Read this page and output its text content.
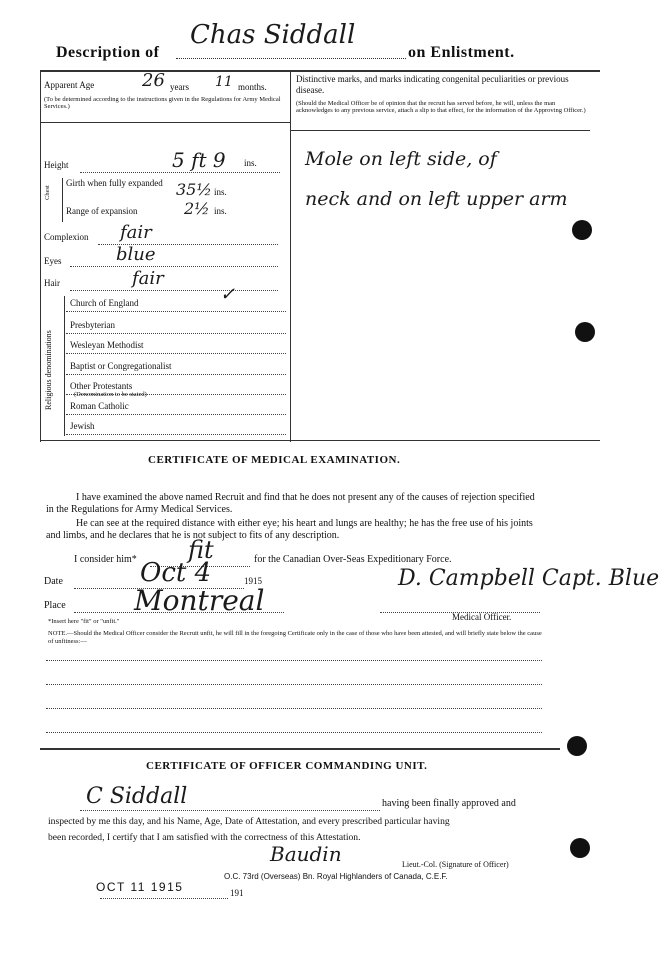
Description of
Chas Siddall
on Enlistment.
Apparent Age	26 years 11 months.
(To be determined according to the instructions given in the Regulations for Army Medical Services.)
Height	5 ft 9 ins.
Chest
Girth when fully expanded 35½ ins.
Range of expansion	2½ ins.
Complexion fair
Eyes	blue
Hair	fair
Religious denominations
Church of England
Presbyterian
Wesleyan Methodist
Baptist or Congregationalist
Other Protestants
(Denomination to be stated)
Roman Catholic
Jewish
✓
Distinctive marks, and marks indicating congenital peculiarities or previous disease.
(Should the Medical Officer be of opinion that the recruit has served before, he will, unless the man acknowledges to any previous service, attach a slip to that effect, for the information of the Approving Officer.)
Mole on left side, of
neck and on left upper arm
CERTIFICATE OF MEDICAL EXAMINATION.
I have examined the above named Recruit and find that he does not present any of the causes of rejection specified in the Regulations for Army Medical Services.
He can see at the required distance with either eye; his heart and lungs are healthy; he has the free use of his joints and limbs, and he declares that he is not subject to fits of any description.
I consider him* fit	for the Canadian Over-Seas Expeditionary Force.
Date	Oct 4	1915
Place Montreal
D. Campbell Capt. Blue
Medical Officer.
*Insert here "fit" or "unfit."
NOTE.—Should the Medical Officer consider the Recruit unfit, he will fill in the foregoing Certificate only in the case of those who have been attested, and will briefly state below the cause of unfitness:—
CERTIFICATE OF OFFICER COMMANDING UNIT.
C Siddall	having been finally approved and
inspected by me this day, and his Name, Age, Date of Attestation, and every prescribed particular having
been recorded, I certify that I am satisfied with the correctness of this Attestation.
Baudin	Lieut.-Col. (Signature of Officer)
OCT 11 1915
O.C. 73rd (Overseas) Bn. Royal Highlanders of Canada, C.E.F.
191
